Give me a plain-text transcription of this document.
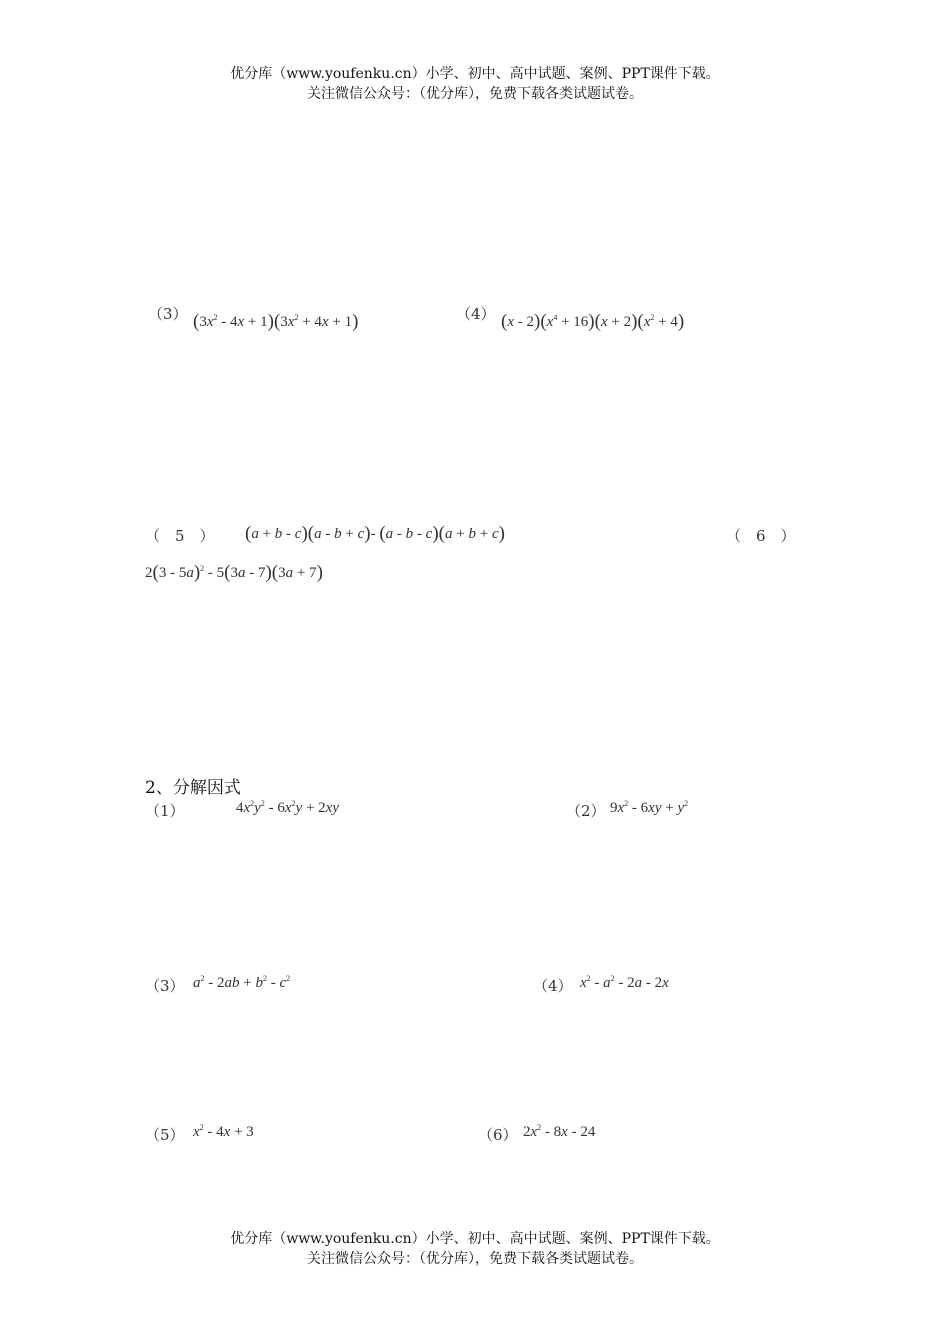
优分库（www.youfenku.cn）小学、初中、高中试题、案例、PPT课件下载。
关注微信公众号：（优分库），免费下载各类试题试卷。
（3） $(3x^2 - 4x + 1)(3x^2 + 4x + 1)$	（4） $(x - 2)(x^4 + 16)(x + 2)(x^2 + 4)$
（　5　） (a + b - c)(a - b + c)- (a - b - c)(a + b + c)	（　6　）
2(3 - 5a)$^2$ - 5(3a - 7)(3a + 7)
2、分解因式
（1）	$4x^2y^2 - 6x^2y + 2xy$	（2） $9x^2 - 6xy + y^2$
（3） $a^2 - 2ab + b^2 - c^2$	（4） $x^2 - a^2 - 2a - 2x$
（5） $x^2 - 4x + 3$	（6） $2x^2 - 8x - 24$
优分库（www.youfenku.cn）小学、初中、高中试题、案例、PPT课件下载。
关注微信公众号：（优分库），免费下载各类试题试卷。
